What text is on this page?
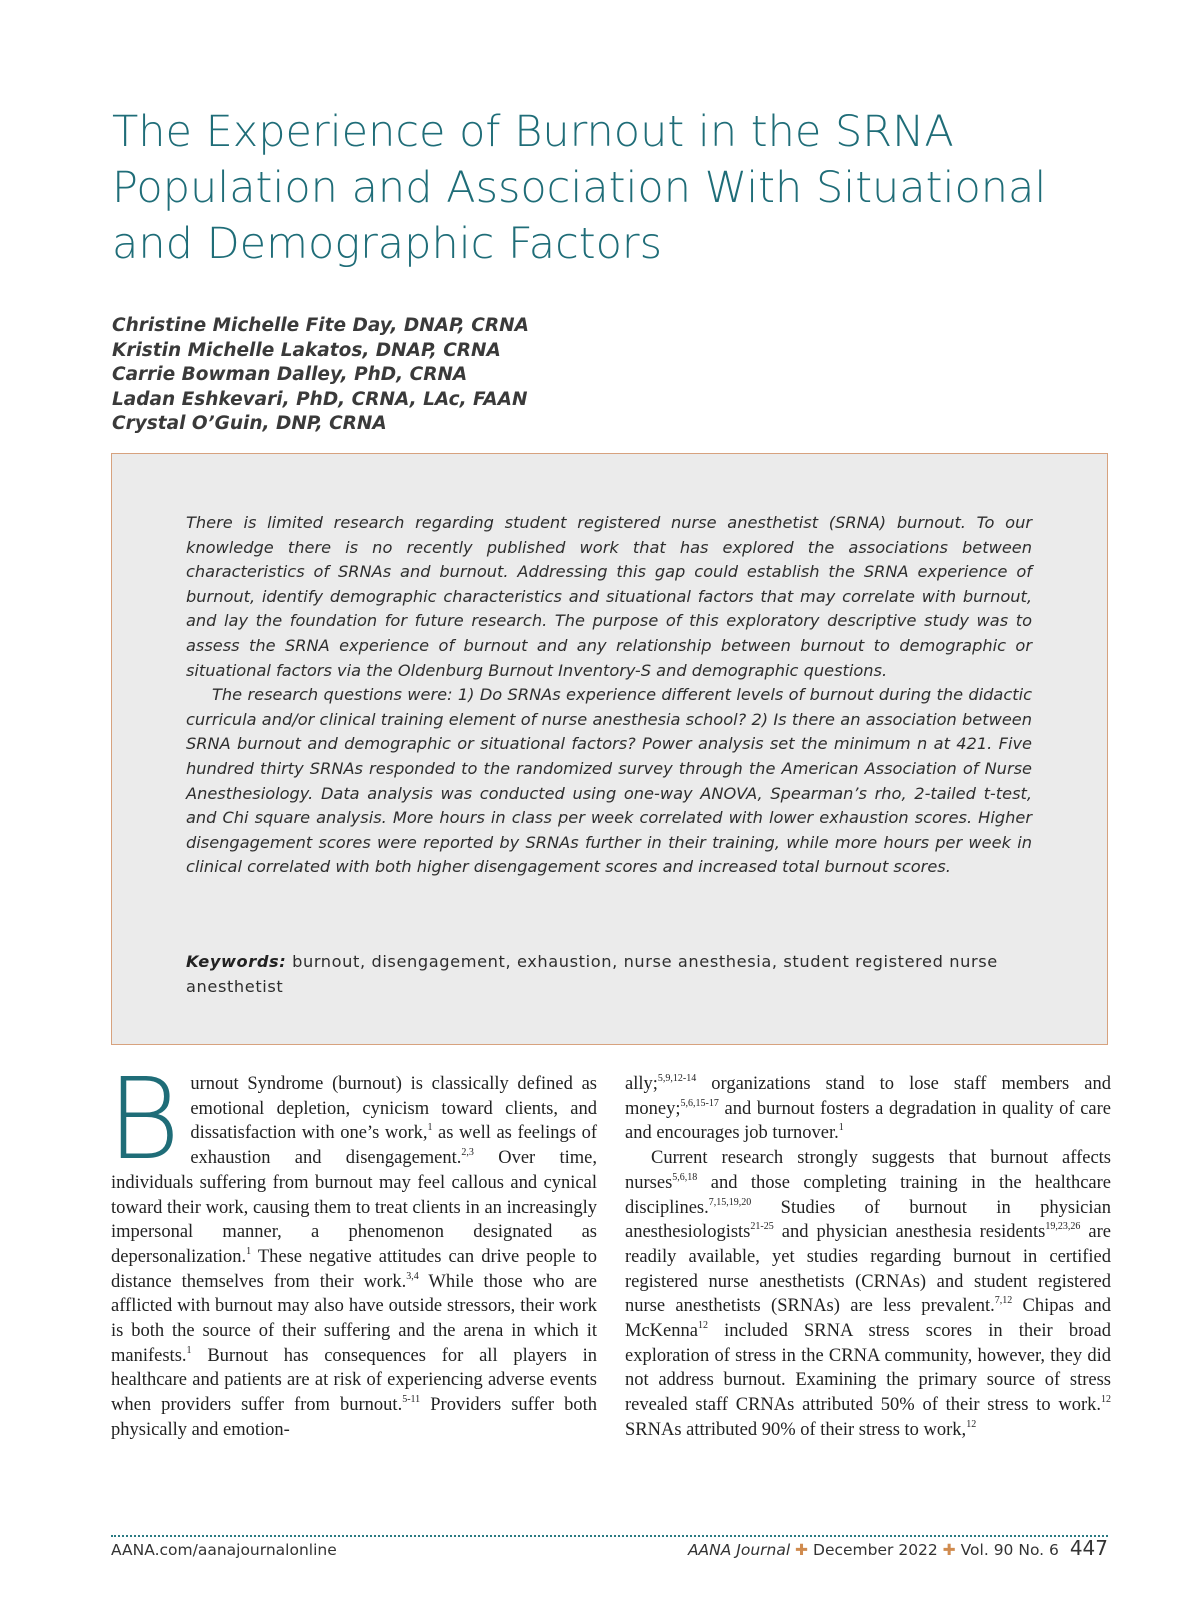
The Experience of Burnout in the SRNA
Population and Association With Situational
and Demographic Factors
Christine Michelle Fite Day, DNAP, CRNA
Kristin Michelle Lakatos, DNAP, CRNA
Carrie Bowman Dalley, PhD, CRNA
Ladan Eshkevari, PhD, CRNA, LAc, FAAN
Crystal O’Guin, DNP, CRNA

There is limited research regarding student registered nurse anesthetist (SRNA) burnout. To our knowledge there is no recently published work that has explored the associations between characteristics of SRNAs and burnout. Addressing this gap could establish the SRNA experience of burnout, identify demographic characteristics and situational factors that may correlate with burnout, and lay the foundation for future research. The purpose of this exploratory descriptive study was to assess the SRNA experience of burnout and any relationship between burnout to demographic or situational factors via the Oldenburg Burnout Inventory-S and demographic questions.

The research questions were: 1) Do SRNAs experience different levels of burnout during the didactic curricula and/or clinical training element of nurse anesthesia school? 2) Is there an association between SRNA burnout and demographic or situational factors? Power analysis set the minimum n at 421. Five hundred thirty SRNAs responded to the randomized survey through the American Association of Nurse Anesthesiology. Data analysis was conducted using one-way ANOVA, Spearman’s rho, 2-tailed t-test, and Chi square analysis. More hours in class per week correlated with lower exhaustion scores. Higher disengagement scores were reported by SRNAs further in their training, while more hours per week in clinical correlated with both higher disengagement scores and increased total burnout scores.

Keywords: burnout, disengagement, exhaustion, nurse anesthesia, student registered nurse anesthetist

B urnout Syndrome (burnout) is classically defined as emotional depletion, cynicism toward clients, and dissatisfaction with one’s work,$^1$ as well as feelings of exhaustion and disengagement.$^{2,3}$ Over time, individuals suffering from burnout may feel callous and cynical toward their work, causing them to treat clients in an increasingly impersonal manner, a phenomenon designated as depersonalization.$^1$ These negative attitudes can drive people to distance themselves from their work.$^{3,4}$ While those who are afflicted with burnout may also have outside stressors, their work is both the source of their suffering and the arena in which it manifests.$^1$ Burnout has consequences for all players in healthcare and patients are at risk of experiencing adverse events when providers suffer from burnout.$^{5-11}$ Providers suffer both physically and emotion-

ally;$^{5,9,12-14}$ organizations stand to lose staff members and money;$^{5,6,15-17}$ and burnout fosters a degradation in quality of care and encourages job turnover.$^1$

Current research strongly suggests that burnout affects nurses$^{5,6,18}$ and those completing training in the healthcare disciplines.$^{7,15,19,20}$ Studies of burnout in physician anesthesiologists$^{21-25}$ and physician anesthesia residents$^{19,23,26}$ are readily available, yet studies regarding burnout in certified registered nurse anesthetists (CRNAs) and student registered nurse anesthetists (SRNAs) are less prevalent.$^{7,12}$ Chipas and McKenna$^{12}$ included SRNA stress scores in their broad exploration of stress in the CRNA community, however, they did not address burnout. Examining the primary source of stress revealed staff CRNAs attributed 50% of their stress to work.$^{12}$ SRNAs attributed 90% of their stress to work,$^{12}$

AANA.com/aanajournalonline	AANA Journal ✚ December 2022 ✚ Vol. 90 No. 6 447
